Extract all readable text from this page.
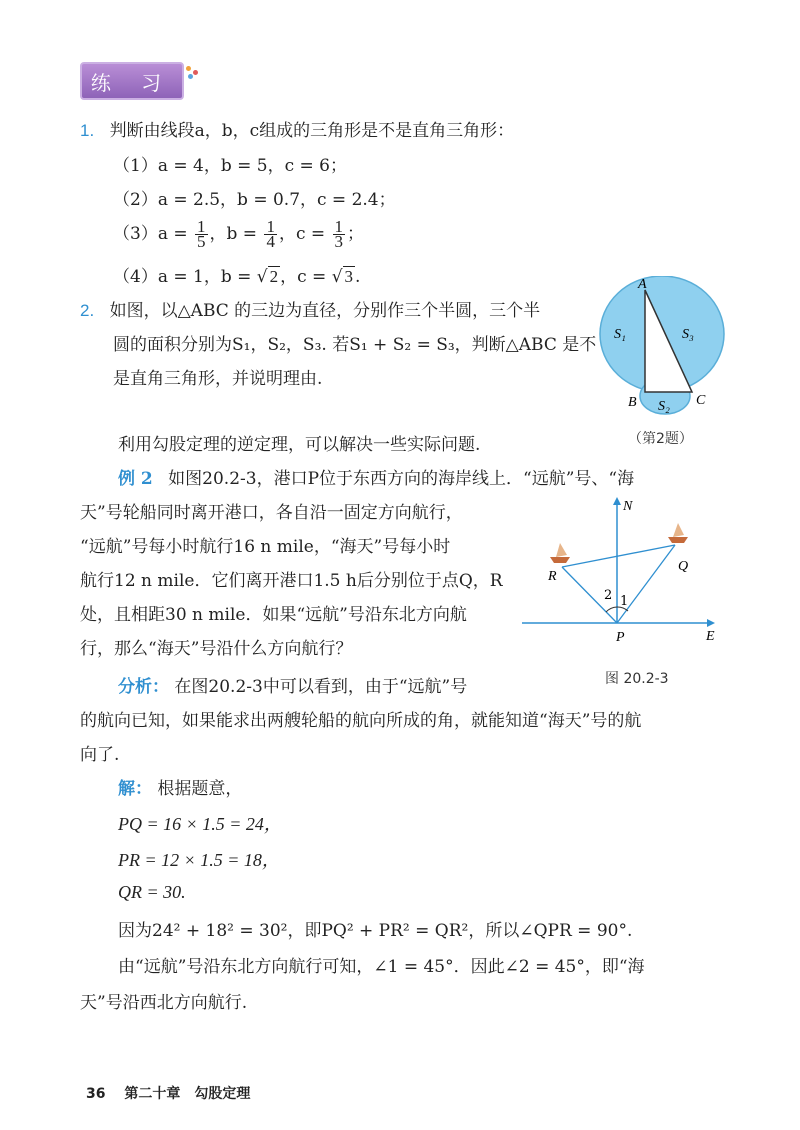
练 习
1. 判断由线段a，b，c组成的三角形是不是直角三角形：
（1）a = 4，b = 5，c = 6；
（2）a = 2.5，b = 0.7，c = 2.4；
$(3)a = \frac{1}{5}$ ，$b = \frac{1}{4}$ ，$c = \frac{1}{3}$ ；
（4）a = 1，b = √ 2 ，c = √ 3 .
2. 如图，以△ABC 的三边为直径，分别作三个半圆，三个半
圆的面积分别为S₁，S₂，S₃. 若S₁ + S₂ = S₃，判断△ABC 是不
是直角三角形，并说明理由.
A
B	C
S₁	S₃
S₂
（第2题）
利用勾股定理的逆定理，可以解决一些实际问题.
例 2 如图20.2-3，港口P位于东西方向的海岸线上．“远航”号、“海
天”号轮船同时离开港口，各自沿一固定方向航行，
“远航”号每小时航行16 n mile，“海天”号每小时
航行12 n mile．它们离开港口1.5 h后分别位于点Q，R
处，且相距30 n mile．如果“远航”号沿东北方向航
行，那么“海天”号沿什么方向航行？
N
E
P
Q
R
1
2
图 20.2-3
分析： 在图20.2-3中可以看到，由于“远航”号
的航向已知，如果能求出两艘轮船的航向所成的角，就能知道“海天”号的航
向了.
解： 根据题意，
PQ = 16 × 1.5 = 24，
PR = 12 × 1.5 = 18，
QR = 30.
因为24² + 18² = 30²，即PQ² + PR² = QR²，所以∠QPR = 90°.
由“远航”号沿东北方向航行可知，∠1 = 45°．因此∠2 = 45°，即“海
天”号沿西北方向航行.
36 第二十章　勾股定理
